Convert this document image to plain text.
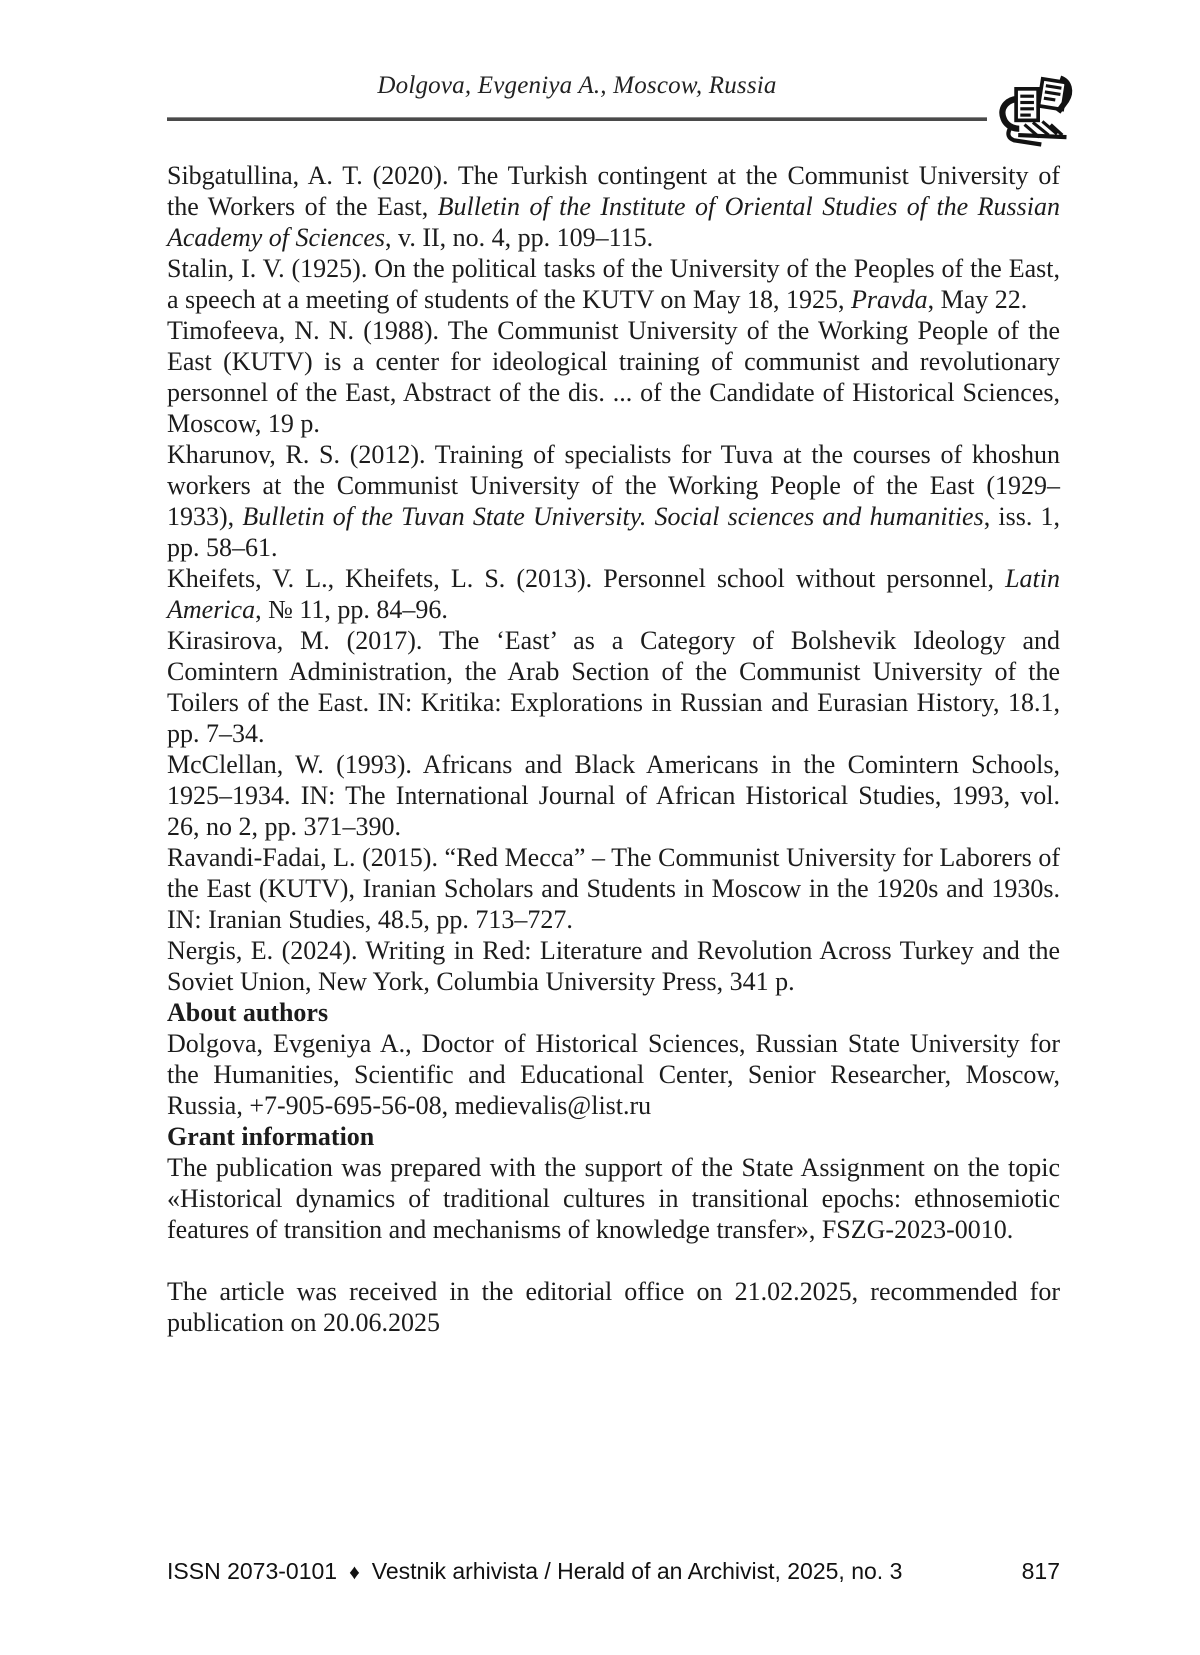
Dolgova, Evgeniya A., Moscow, Russia

Sibgatullina, A. T. (2020). The Turkish contingent at the Communist University of the Workers of the East, Bulletin of the Institute of Oriental Studies of the Russian Academy of Sciences, v. II, no. 4, pp. 109–115.

Stalin, I. V. (1925). On the political tasks of the University of the Peoples of the East, a speech at a meeting of students of the KUTV on May 18, 1925, Pravda, May 22.

Timofeeva, N. N. (1988). The Communist University of the Working People of the East (KUTV) is a center for ideological training of communist and revolutionary personnel of the East, Abstract of the dis. ... of the Candidate of Historical Sciences, Moscow, 19 p.

Kharunov, R. S. (2012). Training of specialists for Tuva at the courses of khoshun workers at the Communist University of the Working People of the East (1929–1933), Bulletin of the Tuvan State University. Social sciences and humanities, iss. 1, pp. 58–61.

Kheifets, V. L., Kheifets, L. S. (2013). Personnel school without personnel, Latin America, № 11, pp. 84–96.

Kirasirova, M. (2017). The ‘East’ as a Category of Bolshevik Ideology and Comintern Administration, the Arab Section of the Communist University of the Toilers of the East. IN: Kritika: Explorations in Russian and Eurasian History, 18.1, pp. 7–34.

McClellan, W. (1993). Africans and Black Americans in the Comintern Schools, 1925–1934. IN: The International Journal of African Historical Studies, 1993, vol. 26, no 2, pp. 371–390.

Ravandi-Fadai, L. (2015). “Red Mecca” – The Communist University for Laborers of the East (KUTV), Iranian Scholars and Students in Moscow in the 1920s and 1930s. IN: Iranian Studies, 48.5, pp. 713–727.

Nergis, E. (2024). Writing in Red: Literature and Revolution Across Turkey and the Soviet Union, New York, Columbia University Press, 341 p.

About authors

Dolgova, Evgeniya A., Doctor of Historical Sciences, Russian State University for the Humanities, Scientific and Educational Center, Senior Researcher, Moscow, Russia, +7-905-695-56-08, medievalis@list.ru

Grant information

The publication was prepared with the support of the State Assignment on the topic «Historical dynamics of traditional cultures in transitional epochs: ethnosemiotic features of transition and mechanisms of knowledge transfer», FSZG-2023-0010.

The article was received in the editorial office on 21.02.2025, recommended for publication on 20.06.2025

ISSN 2073-0101 ♦ Vestnik arhivista / Herald of an Archivist, 2025, no. 3	817
